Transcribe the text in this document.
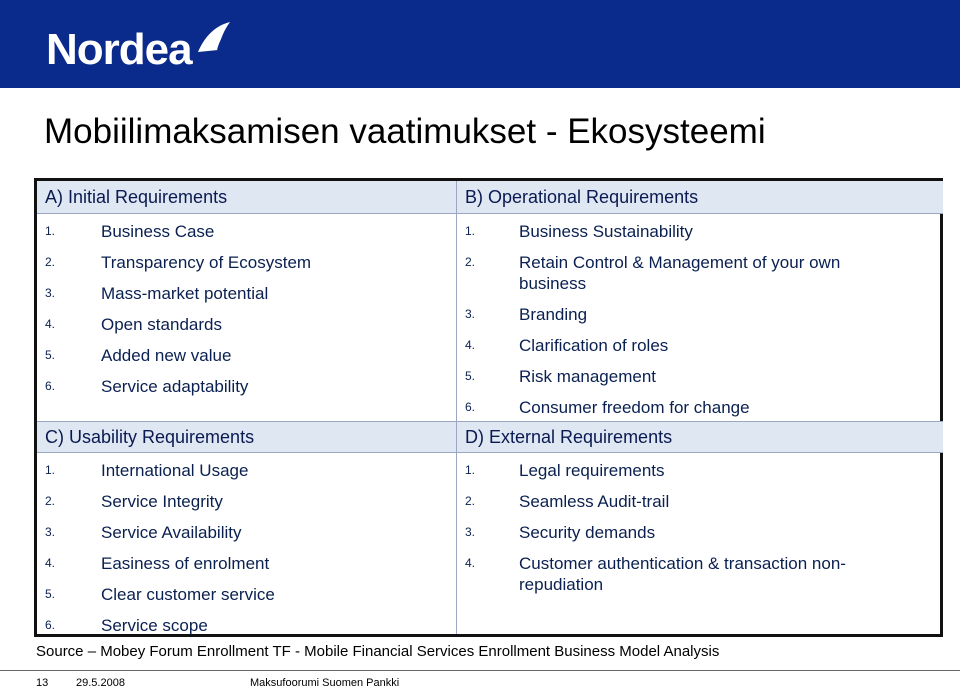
Nordea
Mobiilimaksamisen vaatimukset - Ekosysteemi
A) Initial Requirements
1.	Business Case
2.	Transparency of Ecosystem
3.	Mass-market potential
4.	Open standards
5.	Added new value
6.	Service adaptability
C) Usability Requirements
1.	International Usage
2.	Service Integrity
3.	Service Availability
4.	Easiness of enrolment
5.	Clear customer service
6.	Service scope
B) Operational Requirements
1.	Business Sustainability
2.	Retain Control & Management of your own business
3.	Branding
4.	Clarification of roles
5.	Risk management
6.	Consumer freedom for change
D) External Requirements
1.	Legal requirements
2.	Seamless Audit-trail
3.	Security demands
4.	Customer authentication & transaction non-repudiation
Source – Mobey Forum Enrollment TF - Mobile Financial Services Enrollment Business Model Analysis
13	29.5.2008	Maksufoorumi Suomen Pankki
